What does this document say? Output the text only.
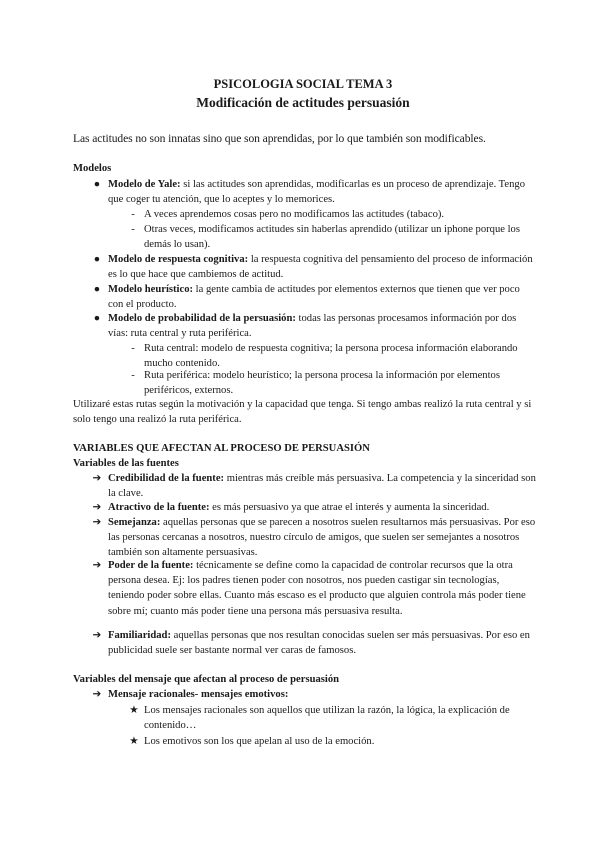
PSICOLOGIA SOCIAL TEMA 3
Modificación de actitudes persuasión
Las actitudes no son innatas sino que son aprendidas, por lo que también son modificables.
Modelos
● Modelo de Yale: si las actitudes son aprendidas, modificarlas es un proceso de aprendizaje. Tengo que coger tu atención, que lo aceptes y lo memorices.
- A veces aprendemos cosas pero no modificamos las actitudes (tabaco).
- Otras veces, modificamos actitudes sin haberlas aprendido (utilizar un iphone porque los demás lo usan).
● Modelo de respuesta cognitiva: la respuesta cognitiva del pensamiento del proceso de información es lo que hace que cambiemos de actitud.
● Modelo heurístico: la gente cambia de actitudes por elementos externos que tienen que ver poco con el producto.
● Modelo de probabilidad de la persuasión: todas las personas procesamos información por dos vías: ruta central y ruta periférica.
- Ruta central: modelo de respuesta cognitiva; la persona procesa información elaborando mucho contenido.
- Ruta periférica: modelo heurístico; la persona procesa la información por elementos periféricos, externos.
Utilizaré estas rutas según la motivación y la capacidad que tenga. Si tengo ambas realizó la ruta central y si solo tengo una realizó la ruta periférica.
VARIABLES QUE AFECTAN AL PROCESO DE PERSUASIÓN
Variables de las fuentes
➔ Credibilidad de la fuente: mientras más creíble más persuasiva. La competencia y la sinceridad son la clave.
➔ Atractivo de la fuente: es más persuasivo ya que atrae el interés y aumenta la sinceridad.
➔ Semejanza: aquellas personas que se parecen a nosotros suelen resultarnos más persuasivas. Por eso las personas cercanas a nosotros, nuestro círculo de amigos, que suelen ser semejantes a nosotros también son altamente persuasivas.
➔ Poder de la fuente: técnicamente se define como la capacidad de controlar recursos que la otra persona desea. Ej: los padres tienen poder con nosotros, nos pueden castigar sin tecnologías, teniendo poder sobre ellas. Cuanto más escaso es el producto que alguien controla más poder tiene sobre mí; cuanto más poder tiene una persona más persuasiva resulta.
➔ Familiaridad: aquellas personas que nos resultan conocidas suelen ser más persuasivas. Por eso en publicidad suele ser bastante normal ver caras de famosos.
Variables del mensaje que afectan al proceso de persuasión
➔ Mensaje racionales- mensajes emotivos:
★ Los mensajes racionales son aquellos que utilizan la razón, la lógica, la explicación de contenido…
★ Los emotivos son los que apelan al uso de la emoción.
